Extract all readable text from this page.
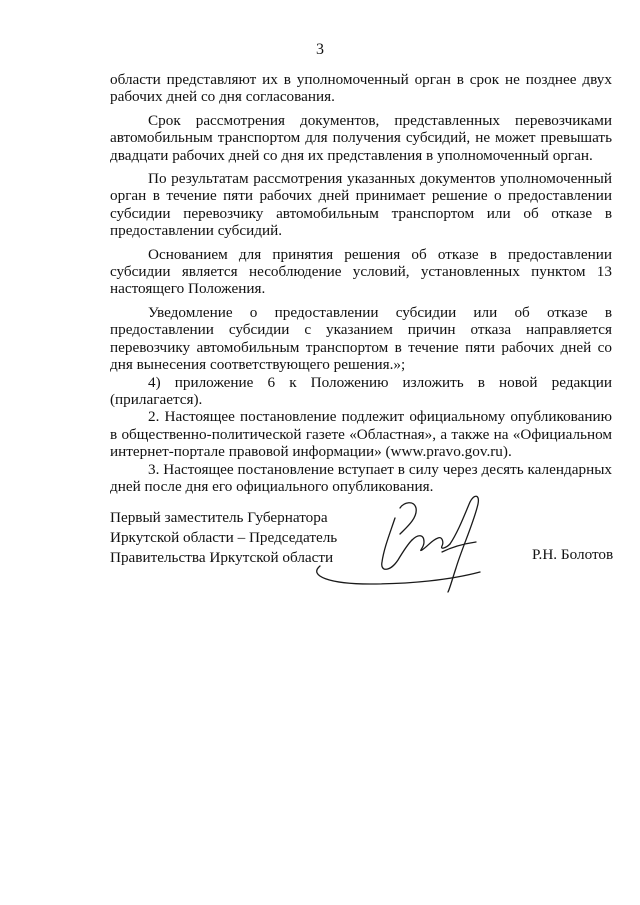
3

области представляют их в уполномоченный орган в срок не позднее двух
рабочих дней со дня согласования.

Срок рассмотрения документов, представленных перевозчиками
автомобильным транспортом для получения субсидий, не может превышать
двадцати рабочих дней со дня их представления в уполномоченный орган.

По результатам рассмотрения указанных документов уполномоченный
орган в течение пяти рабочих дней принимает решение о предоставлении
субсидии перевозчику автомобильным транспортом или об отказе в
предоставлении субсидий.

Основанием для принятия решения об отказе в предоставлении
субсидии является несоблюдение условий, установленных пунктом 13
настоящего Положения.

Уведомление о предоставлении субсидии или об отказе в
предоставлении субсидии с указанием причин отказа направляется
перевозчику автомобильным транспортом в течение пяти рабочих дней со
дня вынесения соответствующего решения.»;

4) приложение 6 к Положению изложить в новой редакции
(прилагается).

2. Настоящее постановление подлежит официальному опубликованию
в общественно-политической газете «Областная», а также на «Официальном
интернет-портале правовой информации» (www.pravo.gov.ru).

3. Настоящее постановление вступает в силу через десять календарных
дней после дня его официального опубликования.

Первый заместитель Губернатора
Иркутской области – Председатель
Правительства Иркутской области	Р.Н. Болотов
